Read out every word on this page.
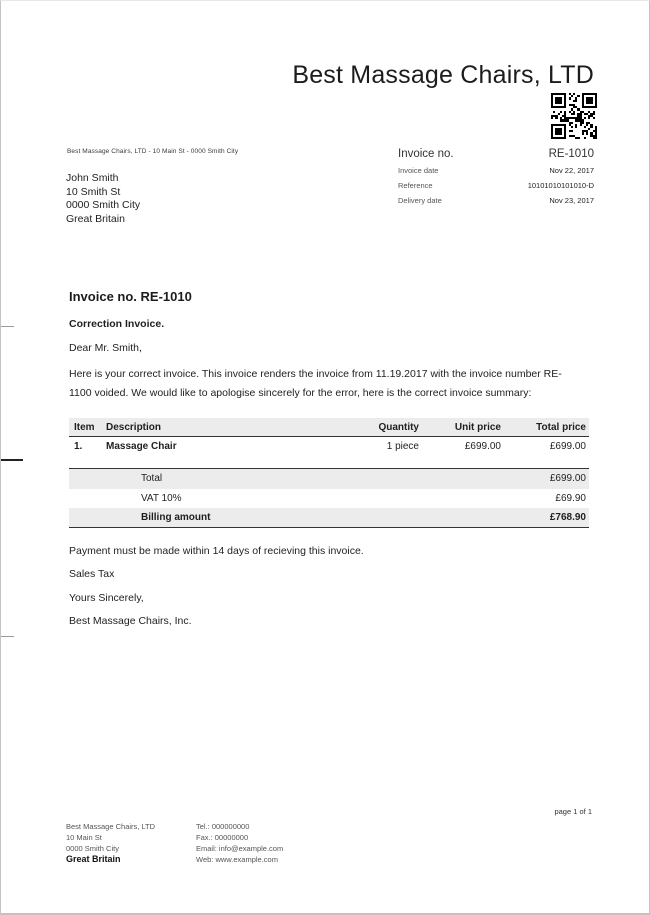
Best Massage Chairs, LTD
Best Massage Chairs, LTD - 10 Main St - 0000 Smith City
John Smith
10 Smith St
0000 Smith City
Great Britain
Invoice no.	RE-1010
Invoice date	Nov 22, 2017
Reference	10101010101010-D
Delivery date	Nov 23, 2017
Invoice no. RE-1010
Correction Invoice.
Dear Mr. Smith,
Here is your correct invoice. This invoice renders the invoice from 11.19.2017 with the invoice number RE-1100 voided. We would like to apologise sincerely for the error, here is the correct invoice summary:
Item	Description	Quantity	Unit price	Total price
1.	Massage Chair	1 piece	£699.00	£699.00
Total	£699.00
VAT 10%	£69.90
Billing amount	£768.90

Payment must be made within 14 days of recieving this invoice.

Sales Tax

Yours Sincerely,

Best Massage Chairs, Inc.

page 1 of 1
Best Massage Chairs, LTD
10 Main St
0000 Smith City
Great Britain
Tel.: 000000000
Fax.: 00000000
Email: info@example.com
Web: www.example.com
